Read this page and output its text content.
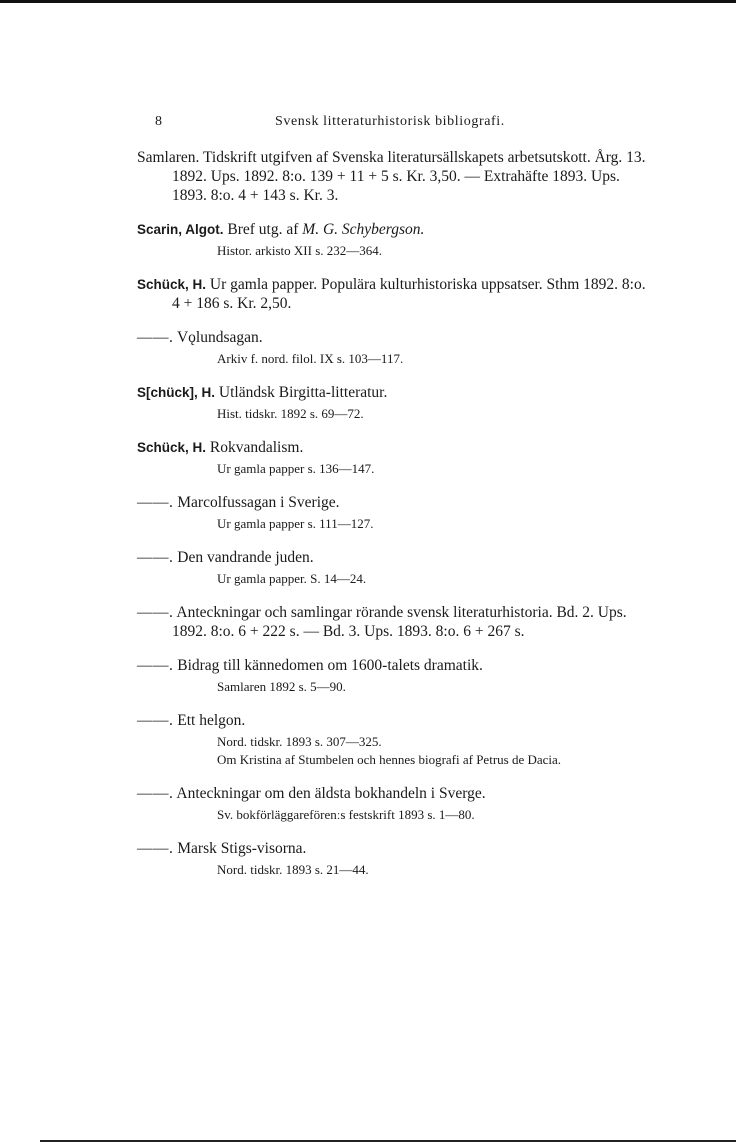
8	Svensk litteraturhistorisk bibliografi.
Samlaren. Tidskrift utgifven af Svenska literatursällskapets arbetsutskott. Årg. 13. 1892. Ups. 1892. 8:o. 139 + 11 + 5 s. Kr. 3,50. — Extrahäfte 1893. Ups. 1893. 8:o. 4 + 143 s. Kr. 3.
Scarin, Algot. Bref utg. af M. G. Schybergson.
Histor. arkisto XII s. 232—364.
Schück, H. Ur gamla papper. Populära kulturhistoriska uppsatser. Sthm 1892. 8:o. 4 + 186 s. Kr. 2,50.
——. Vǫlundsagan.
Arkiv f. nord. filol. IX s. 103—117.
S[chück], H. Utländsk Birgitta-litteratur.
Hist. tidskr. 1892 s. 69—72.
Schück, H. Rokvandalism.
Ur gamla papper s. 136—147.
——. Marcolfussagan i Sverige.
Ur gamla papper s. 111—127.
——. Den vandrande juden.
Ur gamla papper. S. 14—24.
——. Anteckningar och samlingar rörande svensk literaturhistoria. Bd. 2. Ups. 1892. 8:o. 6 + 222 s. — Bd. 3. Ups. 1893. 8:o. 6 + 267 s.
——. Bidrag till kännedomen om 1600-talets dramatik.
Samlaren 1892 s. 5—90.
——. Ett helgon.
Nord. tidskr. 1893 s. 307—325.
Om Kristina af Stumbelen och hennes biografi af Petrus de Dacia.
——. Anteckningar om den äldsta bokhandeln i Sverge.
Sv. bokförläggareförenːs festskrift 1893 s. 1—80.
——. Marsk Stigs-visorna.
Nord. tidskr. 1893 s. 21—44.
